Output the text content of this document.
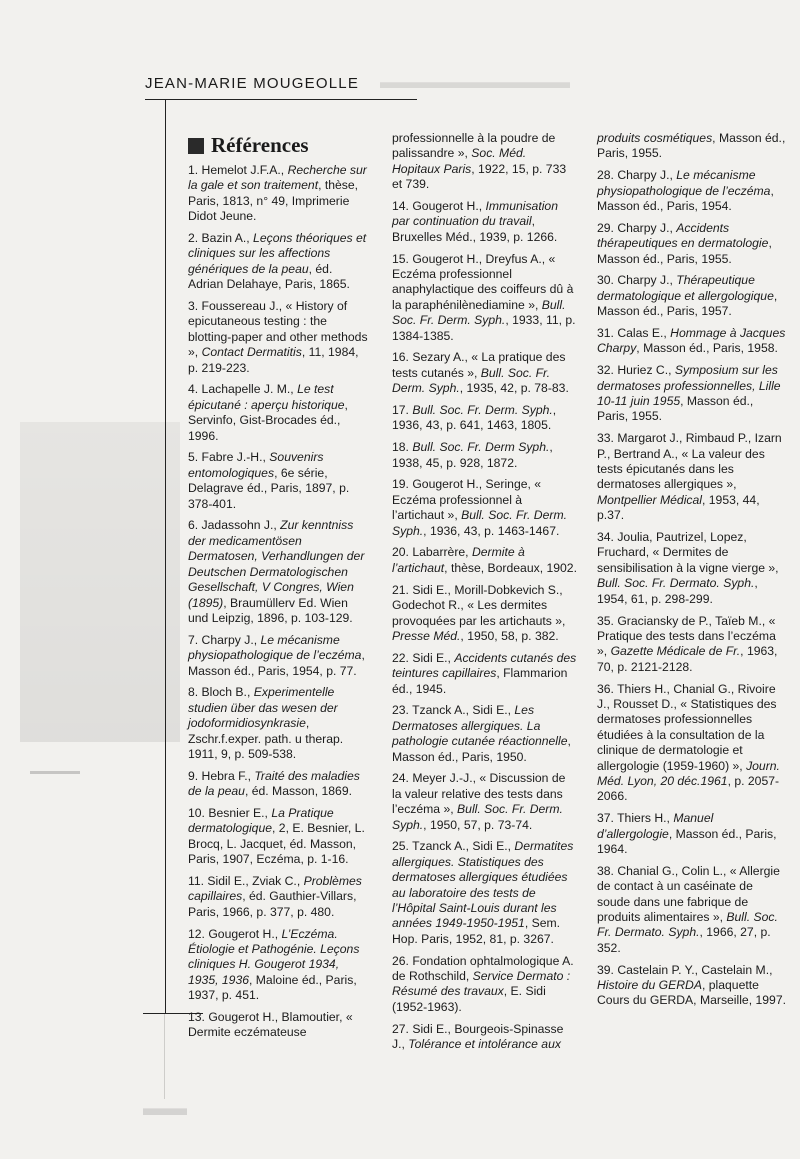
▬▬▬▬▬▬▬▬▬▬
▬▬▬▬▬
▬▬
JEAN-MARIE MOUGEOLLE
Références
1. Hemelot J.F.A., Recherche sur la gale et son traitement, thèse, Paris, 1813, n° 49, Imprimerie Didot Jeune.
2. Bazin A., Leçons théoriques et cliniques sur les affections génériques de la peau, éd. Adrian Delahaye, Paris, 1865.
3. Foussereau J., « History of epicutaneous testing : the blotting-paper and other methods », Contact Dermatitis, 11, 1984, p. 219-223.
4. Lachapelle J. M., Le test épicutané : aperçu historique, Servinfo, Gist-Brocades éd., 1996.
5. Fabre J.-H., Souvenirs entomologiques, 6e série, Delagrave éd., Paris, 1897, p. 378-401.
6. Jadassohn J., Zur kenntniss der medicamentösen Dermatosen, Verhandlungen der Deutschen Dermatologischen Gesellschaft, V Congres, Wien (1895), Braumüllerv Ed. Wien und Leipzig, 1896, p. 103-129.
7. Charpy J., Le mécanisme physiopathologique de l’eczéma, Masson éd., Paris, 1954, p. 77.
8. Bloch B., Experimentelle studien über das wesen der jodoformidiosynkrasie, Zschr.f.exper. path. u therap. 1911, 9, p. 509-538.
9. Hebra F., Traité des maladies de la peau, éd. Masson, 1869.
10. Besnier E., La Pratique dermatologique, 2, E. Besnier, L. Brocq, L. Jacquet, éd. Masson, Paris, 1907, Eczéma, p. 1-16.
11. Sidil E., Zviak C., Problèmes capillaires, éd. Gauthier-Villars, Paris, 1966, p. 377, p. 480.
12. Gougerot H., L’Eczéma. Étiologie et Pathogénie. Leçons cliniques H. Gougerot 1934, 1935, 1936, Maloine éd., Paris, 1937, p. 451.
13. Gougerot H., Blamoutier, « Dermite eczémateuse
professionnelle à la poudre de palissandre », Soc. Méd. Hopitaux Paris, 1922, 15, p. 733 et 739.
14. Gougerot H., Immunisation par continuation du travail, Bruxelles Méd., 1939, p. 1266.
15. Gougerot H., Dreyfus A., « Eczéma professionnel anaphylactique des coiffeurs dû à la paraphénilènediamine », Bull. Soc. Fr. Derm. Syph., 1933, 11, p. 1384-1385.
16. Sezary A., « La pratique des tests cutanés », Bull. Soc. Fr. Derm. Syph., 1935, 42, p. 78-83.
17. Bull. Soc. Fr. Derm. Syph., 1936, 43, p. 641, 1463, 1805.
18. Bull. Soc. Fr. Derm Syph., 1938, 45, p. 928, 1872.
19. Gougerot H., Seringe, « Eczéma professionnel à l’artichaut », Bull. Soc. Fr. Derm. Syph., 1936, 43, p. 1463-1467.
20. Labarrère, Dermite à l’artichaut, thèse, Bordeaux, 1902.
21. Sidi E., Morill-Dobkevich S., Godechot R., « Les dermites provoquées par les artichauts », Presse Méd., 1950, 58, p. 382.
22. Sidi E., Accidents cutanés des teintures capillaires, Flammarion éd., 1945.
23. Tzanck A., Sidi E., Les Dermatoses allergiques. La pathologie cutanée réactionnelle, Masson éd., Paris, 1950.
24. Meyer J.-J., « Discussion de la valeur relative des tests dans l’eczéma », Bull. Soc. Fr. Derm. Syph., 1950, 57, p. 73-74.
25. Tzanck A., Sidi E., Dermatites allergiques. Statistiques des dermatoses allergiques étudiées au laboratoire des tests de l’Hôpital Saint-Louis durant les années 1949-1950-1951, Sem. Hop. Paris, 1952, 81, p. 3267.
26. Fondation ophtalmologique A. de Rothschild, Service Dermato : Résumé des travaux, E. Sidi (1952-1963).
27. Sidi E., Bourgeois-Spinasse J., Tolérance et intolérance aux
produits cosmétiques, Masson éd., Paris, 1955.
28. Charpy J., Le mécanisme physiopathologique de l’eczéma, Masson éd., Paris, 1954.
29. Charpy J., Accidents thérapeutiques en dermatologie, Masson éd., Paris, 1955.
30. Charpy J., Thérapeutique dermatologique et allergologique, Masson éd., Paris, 1957.
31. Calas E., Hommage à Jacques Charpy, Masson éd., Paris, 1958.
32. Huriez C., Symposium sur les dermatoses professionnelles, Lille 10-11 juin 1955, Masson éd., Paris, 1955.
33. Margarot J., Rimbaud P., Izarn P., Bertrand A., « La valeur des tests épicutanés dans les dermatoses allergiques », Montpellier Médical, 1953, 44, p.37.
34. Joulia, Pautrizel, Lopez, Fruchard, « Dermites de sensibilisation à la vigne vierge », Bull. Soc. Fr. Dermato. Syph., 1954, 61, p. 298-299.
35. Graciansky de P., Taïeb M., « Pratique des tests dans l’eczéma », Gazette Médicale de Fr., 1963, 70, p. 2121-2128.
36. Thiers H., Chanial G., Rivoire J., Rousset D., « Statistiques des dermatoses professionnelles étudiées à la consultation de la clinique de dermatologie et allergologie (1959-1960) », Journ. Méd. Lyon, 20 déc.1961, p. 2057-2066.
37. Thiers H., Manuel d’allergologie, Masson éd., Paris, 1964.
38. Chanial G., Colin L., « Allergie de contact à un caséinate de soude dans une fabrique de produits alimentaires », Bull. Soc. Fr. Dermato. Syph., 1966, 27, p. 352.
39. Castelain P. Y., Castelain M., Histoire du GERDA, plaquette Cours du GERDA, Marseille, 1997.
